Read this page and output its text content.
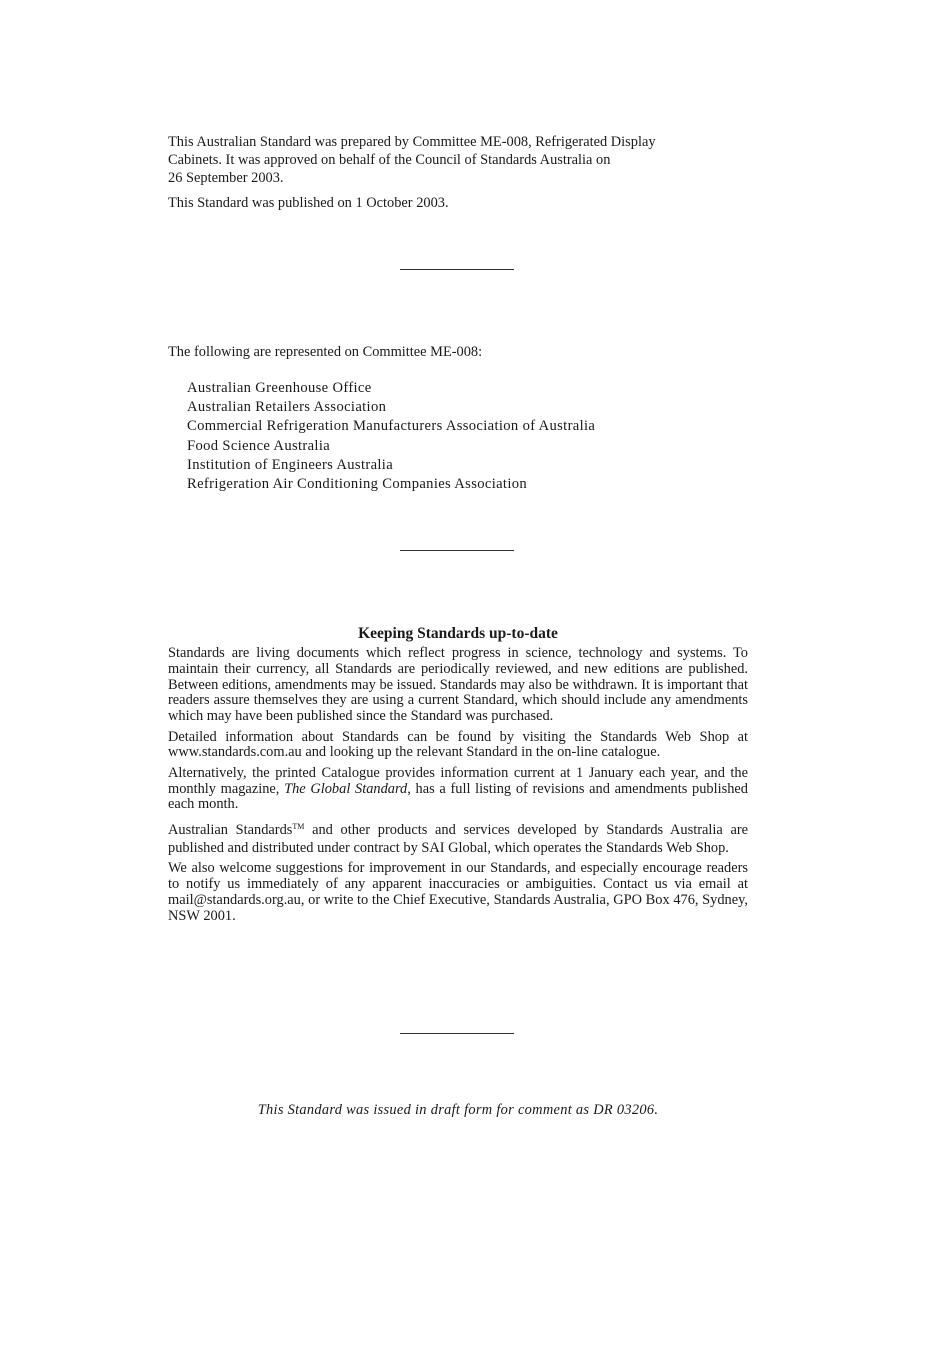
This Australian Standard was prepared by Committee ME-008, Refrigerated Display

Cabinets. It was approved on behalf of the Council of Standards Australia on

26 September 2003.

This Standard was published on 1 October 2003.

The following are represented on Committee ME-008:

Australian Greenhouse Office
Australian Retailers Association
Commercial Refrigeration Manufacturers Association of Australia
Food Science Australia
Institution of Engineers Australia
Refrigeration Air Conditioning Companies Association
Keeping Standards up-to-date

Standards are living documents which reflect progress in science, technology and systems. To maintain their currency, all Standards are periodically reviewed, and new editions are published. Between editions, amendments may be issued. Standards may also be withdrawn. It is important that readers assure themselves they are using a current Standard, which should include any amendments which may have been published since the Standard was purchased.

Detailed information about Standards can be found by visiting the Standards Web Shop at www.standards.com.au and looking up the relevant Standard in the on-line catalogue.

Alternatively, the printed Catalogue provides information current at 1 January each year, and the monthly magazine, The Global Standard, has a full listing of revisions and amendments published each month.

Australian Standards™ and other products and services developed by Standards Australia are published and distributed under contract by SAI Global, which operates the Standards Web Shop.

We also welcome suggestions for improvement in our Standards, and especially encourage readers to notify us immediately of any apparent inaccuracies or ambiguities. Contact us via email at mail@standards.org.au, or write to the Chief Executive, Standards Australia, GPO Box 476, Sydney, NSW 2001.

This Standard was issued in draft form for comment as DR 03206.
